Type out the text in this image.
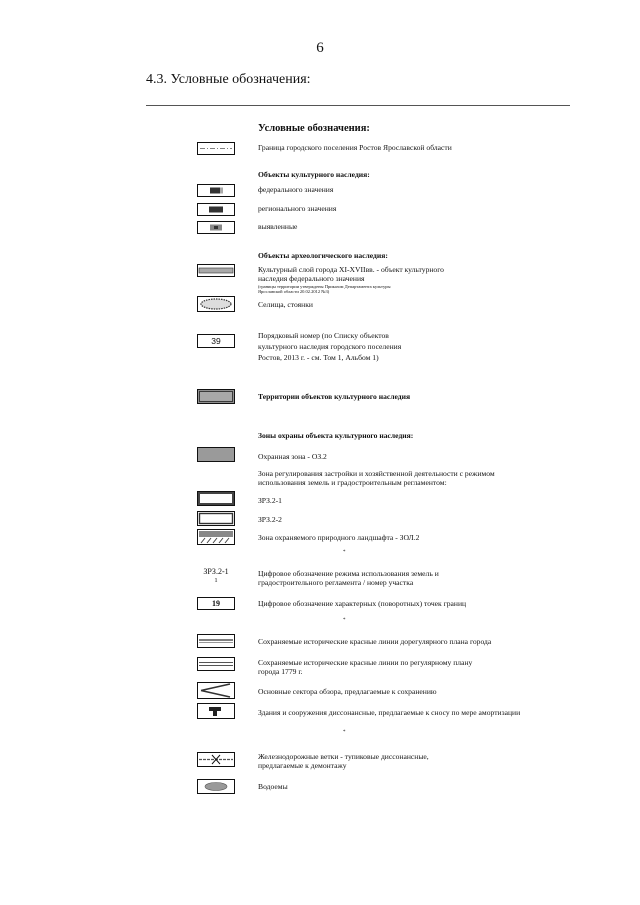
6
4.3. Условные обозначения:
Условные обозначения:
Граница городского поселения Ростов Ярославской области
Объекты культурного наследия:
федерального значения
регионального значения
выявленные
Объекты археологического наследия:
Культурный слой города XI-XVIIвв. - объект культурного
наследия федерального значения
(границы территории утверждены Приказом Департамента культуры
Ярославской области 20.02.2012 №3)
Селища, стоянки
39
Порядковый номер (по Списку объектов
культурного наследия городского поселения
Ростов, 2013 г. - см. Том 1, Альбом 1)
Территории объектов культурного наследия
Зоны охраны объекта культурного наследия:
Охранная зона - ОЗ.2
Зона регулирования застройки и хозяйственной деятельности с режимом
использования земель и градостроительным регламентом:
ЗРЗ.2-1
ЗРЗ.2-2
Зона охраняемого природного ландшафта - ЗОЛ.2
*
ЗРЗ.2-1
1
Цифровое обозначение режима использования земель и
градостроительного регламента / номер участка
19	Цифровое обозначение характерных (поворотных) точек границ
*
Сохраняемые исторические красные линии дорегулярного плана города
Сохраняемые исторические красные линии по регулярному плану
города 1779 г.
Основные сектора обзора, предлагаемые к сохранению
Здания и сооружения диссонансные, предлагаемые к сносу по мере амортизации
*
Железнодорожные ветки - тупиковые диссонансные,
предлагаемые к демонтажу
Водоемы
